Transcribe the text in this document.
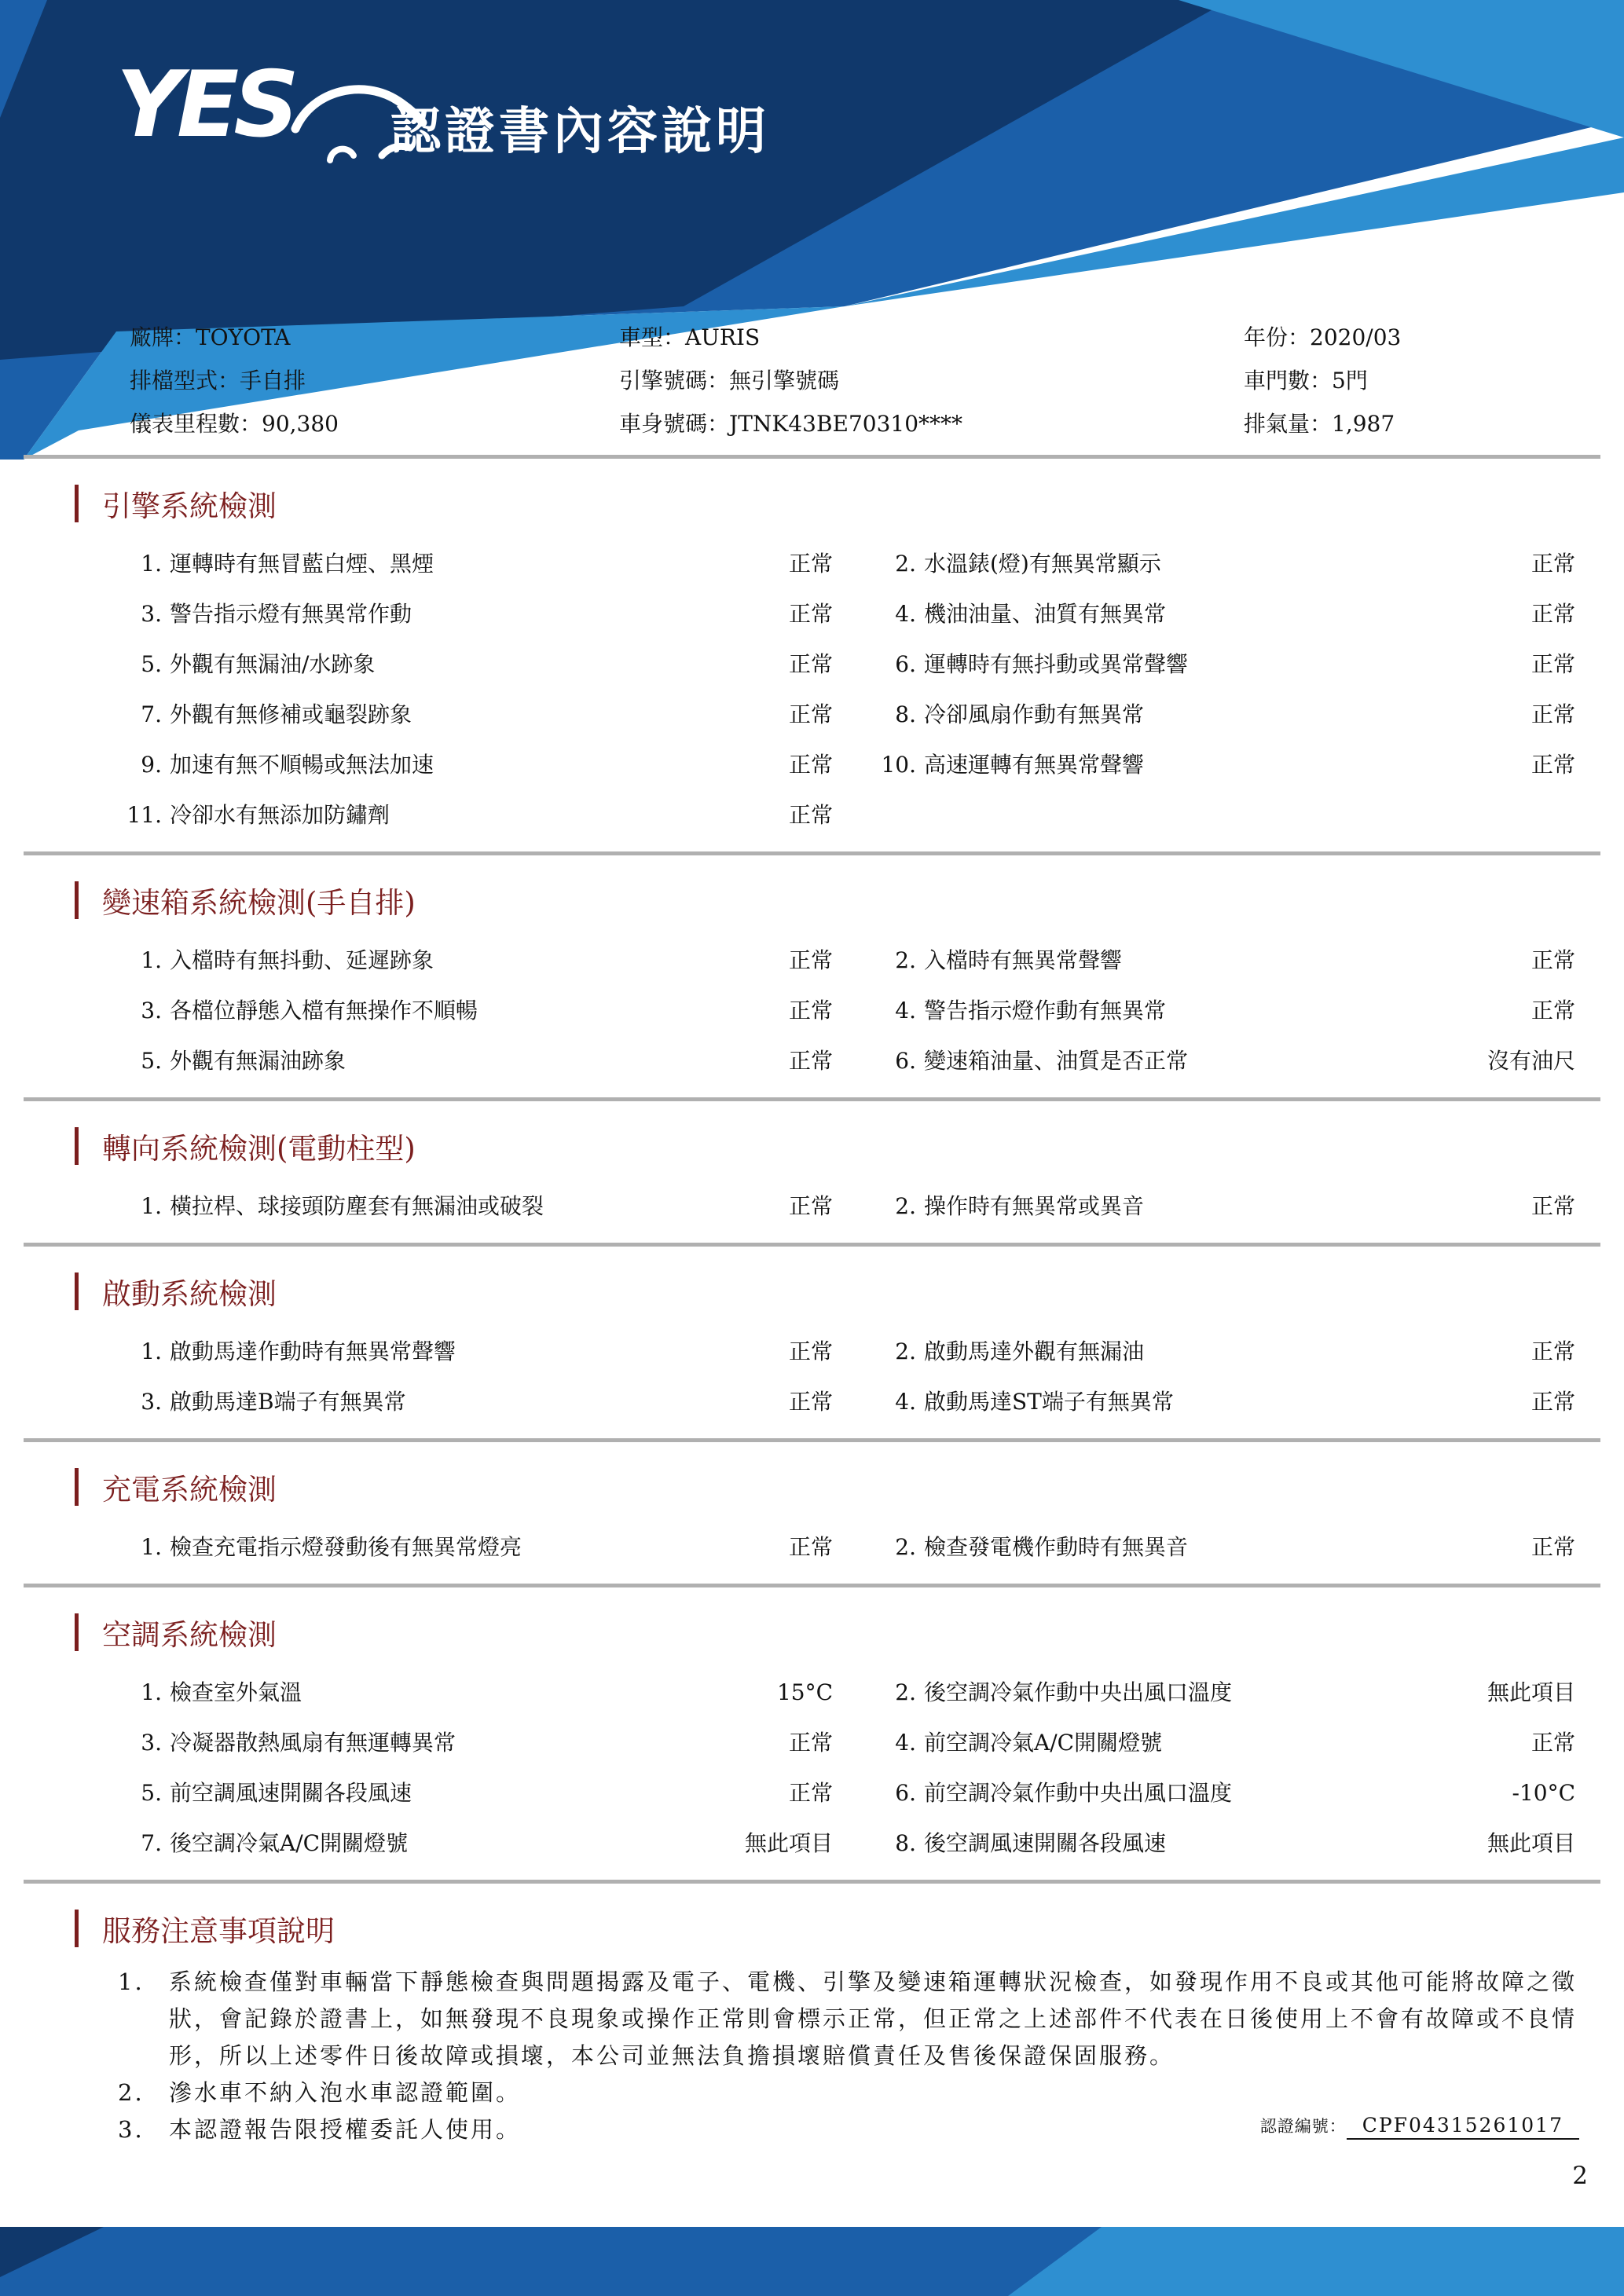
YES 認證書內容說明
廠牌：TOYOTA	車型：AURIS	年份：2020/03
排檔型式：手自排	引擎號碼：無引擎號碼	車門數：5門
儀表里程數：90,380	車身號碼：JTNK43BE70310****	排氣量：1,987
引擎系統檢測
1. 運轉時有無冒藍白煙、黑煙	正常	2. 水溫錶(燈)有無異常顯示	正常
3. 警告指示燈有無異常作動	正常	4. 機油油量、油質有無異常	正常
5. 外觀有無漏油/水跡象	正常	6. 運轉時有無抖動或異常聲響	正常
7. 外觀有無修補或龜裂跡象	正常	8. 冷卻風扇作動有無異常	正常
9. 加速有無不順暢或無法加速	正常	10. 高速運轉有無異常聲響	正常
11. 冷卻水有無添加防鏽劑	正常
變速箱系統檢測(手自排)
1. 入檔時有無抖動、延遲跡象	正常	2. 入檔時有無異常聲響	正常
3. 各檔位靜態入檔有無操作不順暢	正常	4. 警告指示燈作動有無異常	正常
5. 外觀有無漏油跡象	正常	6. 變速箱油量、油質是否正常	沒有油尺
轉向系統檢測(電動柱型)
1. 橫拉桿、球接頭防塵套有無漏油或破裂	正常	2. 操作時有無異常或異音	正常
啟動系統檢測
1. 啟動馬達作動時有無異常聲響	正常	2. 啟動馬達外觀有無漏油	正常
3. 啟動馬達B端子有無異常	正常	4. 啟動馬達ST端子有無異常	正常
充電系統檢測
1. 檢查充電指示燈發動後有無異常燈亮	正常	2. 檢查發電機作動時有無異音	正常
空調系統檢測
1. 檢查室外氣溫	15°C	2. 後空調冷氣作動中央出風口溫度	無此項目
3. 冷凝器散熱風扇有無運轉異常	正常	4. 前空調冷氣A/C開關燈號	正常
5. 前空調風速開關各段風速	正常	6. 前空調冷氣作動中央出風口溫度	-10°C
7. 後空調冷氣A/C開關燈號	無此項目	8. 後空調風速開關各段風速	無此項目
服務注意事項說明
1.	系統檢查僅對車輛當下靜態檢查與問題揭露及電子、電機、引擎及變速箱運轉狀況檢查，如發現作用不良或其他可能將故障之徵狀，會記錄於證書上，如無發現不良現象或操作正常則會標示正常，但正常之上述部件不代表在日後使用上不會有故障或不良情形，所以上述零件日後故障或損壞，本公司並無法負擔損壞賠償責任及售後保證保固服務。
2.	滲水車不納入泡水車認證範圍。
3.	本認證報告限授權委託人使用。	認證編號： CPF04315261017
2
